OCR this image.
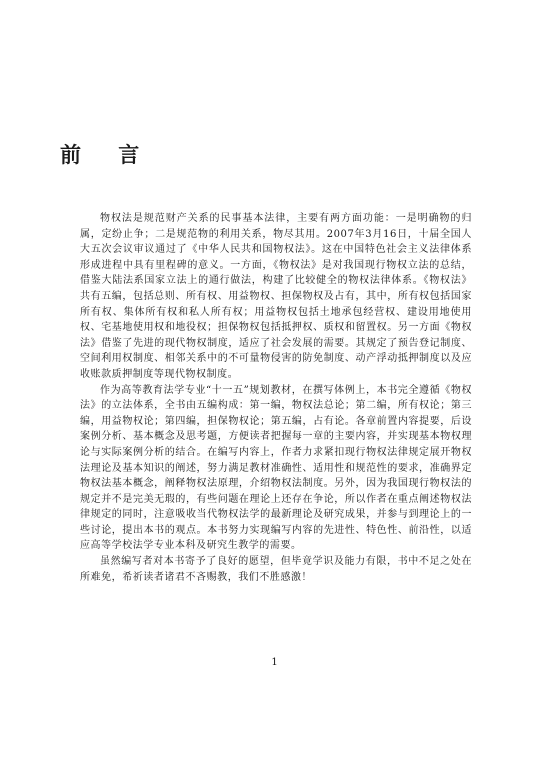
前 言

物权法是规范财产关系的民事基本法律，主要有两方面功能：一是明确物的归属，定纷止争；二是规范物的利用关系，物尽其用。2007年3月16日，十届全国人大五次会议审议通过了《中华人民共和国物权法》。这在中国特色社会主义法律体系形成进程中具有里程碑的意义。一方面，《物权法》是对我国现行物权立法的总结，借鉴大陆法系国家立法上的通行做法，构建了比较健全的物权法律体系。《物权法》共有五编，包括总则、所有权、用益物权、担保物权及占有，其中，所有权包括国家所有权、集体所有权和私人所有权；用益物权包括土地承包经营权、建设用地使用权、宅基地使用权和地役权；担保物权包括抵押权、质权和留置权。另一方面《物权法》借鉴了先进的现代物权制度，适应了社会发展的需要。其规定了预告登记制度、空间利用权制度、相邻关系中的不可量物侵害的防免制度、动产浮动抵押制度以及应收账款质押制度等现代物权制度。

作为高等教育法学专业“十一五”规划教材，在撰写体例上，本书完全遵循《物权法》的立法体系，全书由五编构成：第一编，物权法总论；第二编，所有权论；第三编，用益物权论；第四编，担保物权论；第五编，占有论。各章前置内容提要，后设案例分析、基本概念及思考题，方便读者把握每一章的主要内容，并实现基本物权理论与实际案例分析的结合。在编写内容上，作者力求紧扣现行物权法律规定展开物权法理论及基本知识的阐述，努力满足教材准确性、适用性和规范性的要求，准确界定物权法基本概念，阐释物权法原理，介绍物权法制度。另外，因为我国现行物权法的规定并不是完美无瑕的，有些问题在理论上还存在争论，所以作者在重点阐述物权法律规定的同时，注意吸收当代物权法学的最新理论及研究成果，并参与到理论上的一些讨论，提出本书的观点。本书努力实现编写内容的先进性、特色性、前沿性，以适应高等学校法学专业本科及研究生教学的需要。

虽然编写者对本书寄予了良好的愿望，但毕竟学识及能力有限，书中不足之处在所难免，希祈读者诸君不吝赐教，我们不胜感激！

1
